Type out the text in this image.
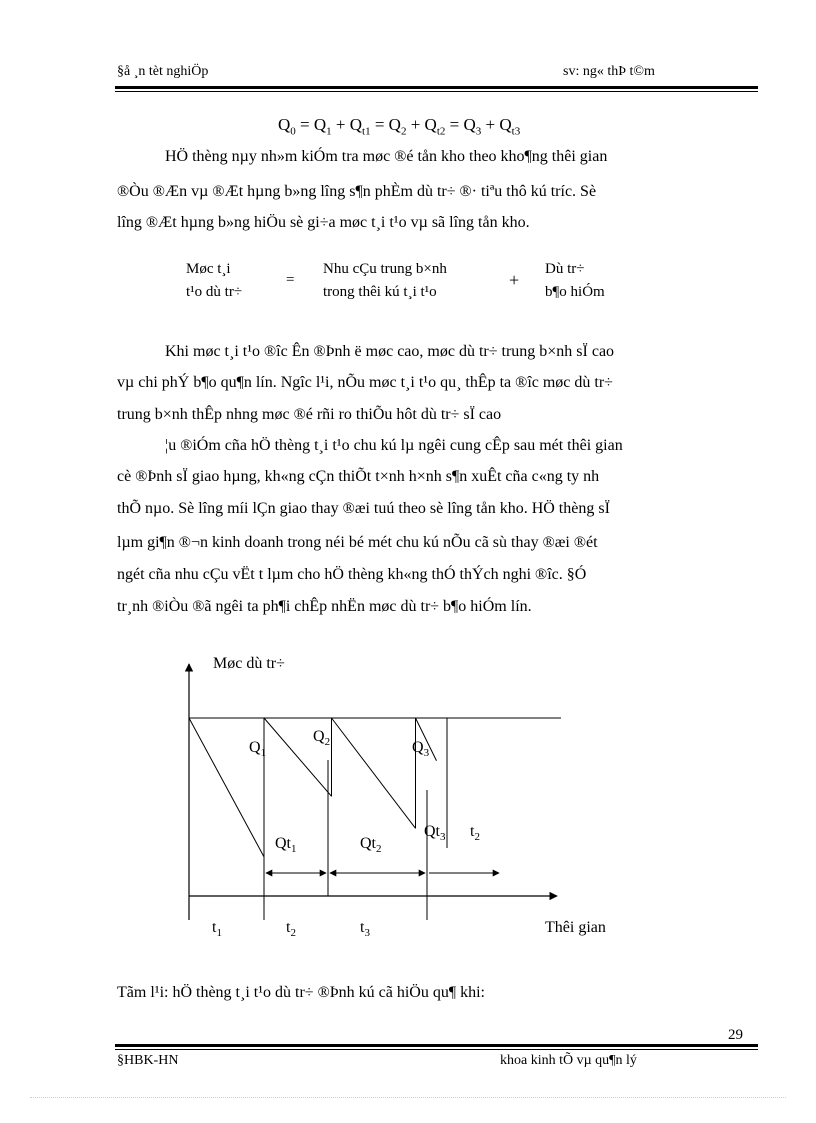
§å ¸n tèt nghiÖp	sv: ng« thÞ t©m
$Q_0 = Q_1 + Q_{t1} = Q_2 + Q_{t2} = Q_3 + Q_{t3}$
HÖ thèng nµy nh»m kiÓm tra møc ®é tån kho theo kho¶ng thêi gian
®Òu ®Æn vµ ®Æt hµng b»ng lîng s¶n phÈm dù tr÷ ®· tiªu thô kú tríc. Sè
lîng ®Æt hµng b»ng hiÖu sè gi÷a møc t¸i t¹o vµ sã lîng tån kho.
Møc t¸i
t¹o dù tr÷
=
Nhu cÇu trung b×nh
trong thêi kú t¸i t¹o
+
Dù tr÷
b¶o hiÓm
Khi møc t¸i t¹o ®îc Ên ®Þnh ë møc cao, møc dù tr÷ trung b×nh sÏ cao
vµ chi phÝ b¶o qu¶n lín. Ngîc l¹i, nÕu møc t¸i t¹o qu¸ thÊp ta ®îc møc dù tr÷
trung b×nh thÊp nhng møc ®é rñi ro thiÕu hôt dù tr÷ sÏ cao
¦u ®iÓm cña hÖ thèng t¸i t¹o chu kú lµ ngêi cung cÊp sau mét thêi gian
cè ®Þnh sÏ giao hµng, kh«ng cÇn thiÕt t×nh h×nh s¶n xuÊt cña c«ng ty nh
thÕ nµo. Sè lîng míi lÇn giao thay ®æi tuú theo sè lîng tån kho. HÖ thèng sÏ
lµm gi¶n ®¬n kinh doanh trong néi bé mét chu kú nÕu cã sù thay ®æi ®ét
ngét cña nhu cÇu vËt t lµm cho hÖ thèng kh«ng thÓ thÝch nghi ®îc. §Ó
tr¸nh ®iÒu ®ã ngêi ta ph¶i chÊp nhËn møc dù tr÷ b¶o hiÓm lín.
Møc dù tr÷
Thêi gian
$Q_1$
$Q_2$	$Q_3$
$Qt_1$	$Qt_2$
$Qt_3$ $t_2$
$t_1$	$t_2$	$t_3$
Tãm l¹i: hÖ thèng t¸i t¹o dù tr÷ ®Þnh kú cã hiÖu qu¶ khi:
29
§HBK-HN	khoa kinh tÕ vµ qu¶n lý
